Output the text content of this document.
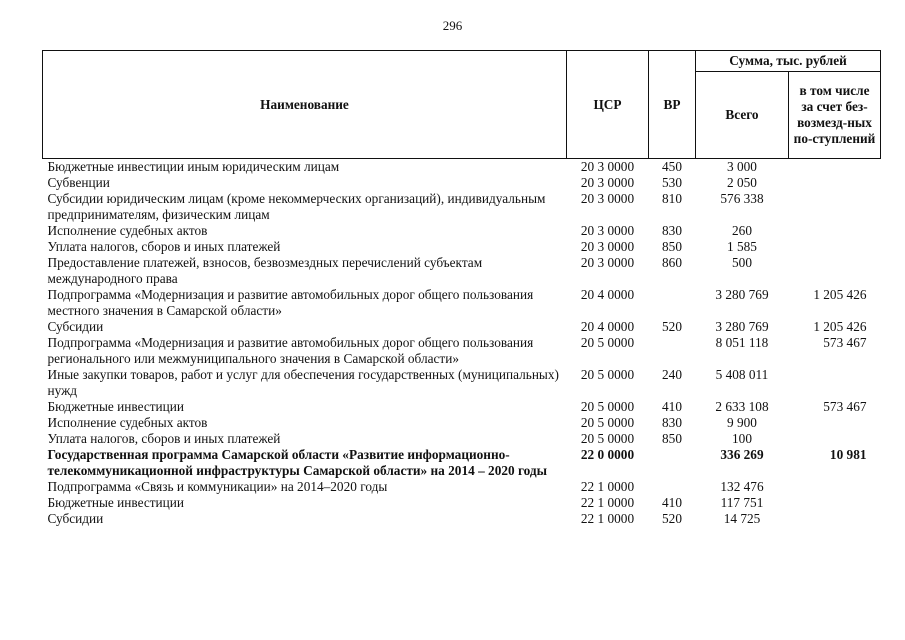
296
Наименование	ЦСР	ВР	Сумма, тыс. рублей	
			Всего	в том числе за счет без-возмезд-ных по-ступлений
Бюджетные инвестиции иным юридическим лицам	20 3 0000	450	3 000	
Субвенции	20 3 0000	530	2 050	
Субсидии юридическим лицам (кроме некоммерческих организаций), индивидуальным предпринимателям, физическим лицам	20 3 0000	810	576 338	
Исполнение судебных актов	20 3 0000	830	260	
Уплата налогов, сборов и иных платежей	20 3 0000	850	1 585	
Предоставление платежей, взносов, безвозмездных перечислений субъектам международного права	20 3 0000	860	500	
Подпрограмма «Модернизация и развитие автомобильных дорог общего пользования местного значения в Самарской области»	20 4 0000		3 280 769	1 205 426
Субсидии	20 4 0000	520	3 280 769	1 205 426
Подпрограмма «Модернизация и развитие автомобильных дорог общего пользования регионального или межмуниципального значения в Самарской области»	20 5 0000		8 051 118	573 467
Иные закупки товаров, работ и услуг для обеспечения государственных (муниципальных) нужд	20 5 0000	240	5 408 011	
Бюджетные инвестиции	20 5 0000	410	2 633 108	573 467
Исполнение судебных актов	20 5 0000	830	9 900	
Уплата налогов, сборов и иных платежей	20 5 0000	850	100	
Государственная программа Самарской области «Развитие информационно-телекоммуникационной инфраструктуры Самарской области» на 2014 – 2020 годы	22 0 0000		336 269	10 981
Подпрограмма «Связь и коммуникации» на 2014–2020 годы	22 1 0000		132 476	
Бюджетные инвестиции	22 1 0000	410	117 751	
Субсидии	22 1 0000	520	14 725	
